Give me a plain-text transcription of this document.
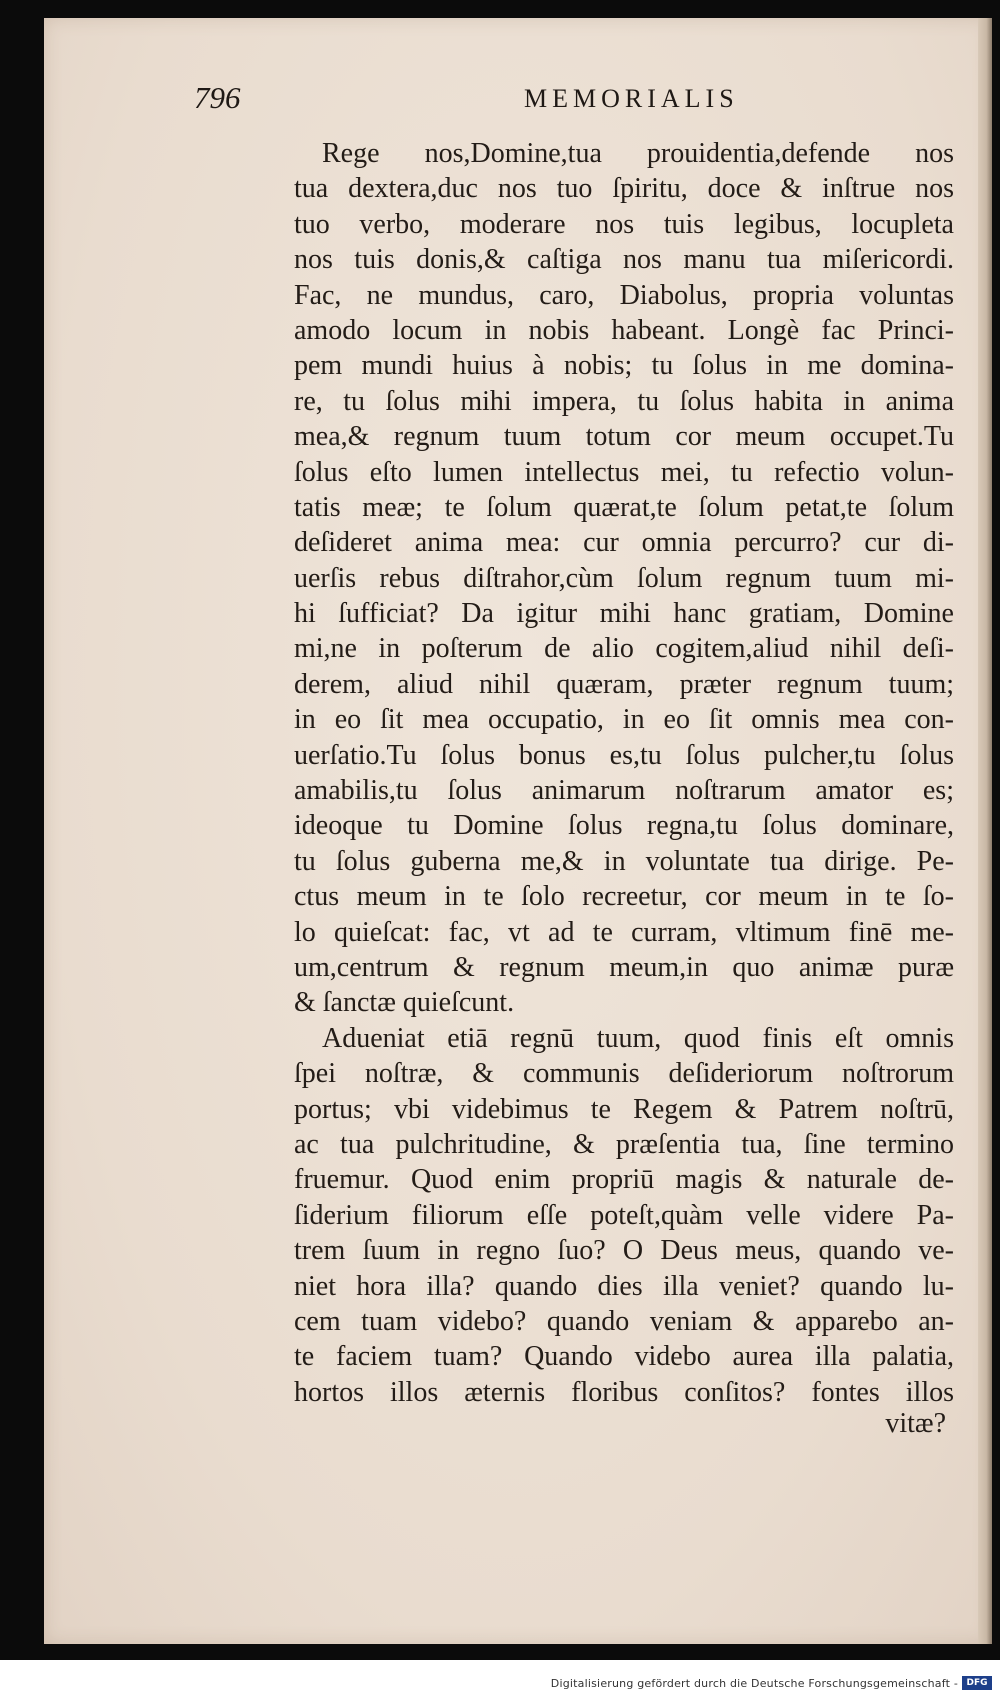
796	MEMORIALIS
Rege nos,Domine,tua prouidentia,defende nos
tua dextera,duc nos tuo ſpiritu, doce & inſtrue nos
tuo verbo, moderare nos tuis legibus, locupleta
nos tuis donis,& caſtiga nos manu tua miſericordi.
Fac, ne mundus, caro, Diabolus, propria voluntas
amodo locum in nobis habeant. Longè fac Princi-
pem mundi huius à nobis; tu ſolus in me domina-
re, tu ſolus mihi impera, tu ſolus habita in anima
mea,& regnum tuum totum cor meum occupet.Tu
ſolus eſto lumen intellectus mei, tu refectio volun-
tatis meæ; te ſolum quærat,te ſolum petat,te ſolum
deſideret anima mea: cur omnia percurro? cur di-
uerſis rebus diſtrahor,cùm ſolum regnum tuum mi-
hi ſufficiat? Da igitur mihi hanc gratiam, Domine
mi,ne in poſterum de alio cogitem,aliud nihil deſi-
derem, aliud nihil quæram, præter regnum tuum;
in eo ſit mea occupatio, in eo ſit omnis mea con-
uerſatio.Tu ſolus bonus es,tu ſolus pulcher,tu ſolus
amabilis,tu ſolus animarum noſtrarum amator es;
ideoque tu Domine ſolus regna,tu ſolus dominare,
tu ſolus guberna me,& in voluntate tua dirige. Pe-
ctus meum in te ſolo recreetur, cor meum in te ſo-
lo quieſcat: fac, vt ad te curram, vltimum finē me-
um,centrum & regnum meum,in quo animæ puræ
& ſanctæ quieſcunt.
Adueniat etiā regnū tuum, quod finis eſt omnis
ſpei noſtræ, & communis deſideriorum noſtrorum
portus; vbi videbimus te Regem & Patrem noſtrū,
ac tua pulchritudine, & præſentia tua, ſine termino
fruemur. Quod enim propriū magis & naturale de-
ſiderium filiorum eſſe poteſt,quàm velle videre Pa-
trem ſuum in regno ſuo? O Deus meus, quando ve-
niet hora illa? quando dies illa veniet? quando lu-
cem tuam videbo? quando veniam & apparebo an-
te faciem tuam? Quando videbo aurea illa palatia,
hortos illos æternis floribus conſitos? fontes illos
vitæ?
Digitalisierung gefördert durch die Deutsche Forschungsgemeinschaft - DFG
